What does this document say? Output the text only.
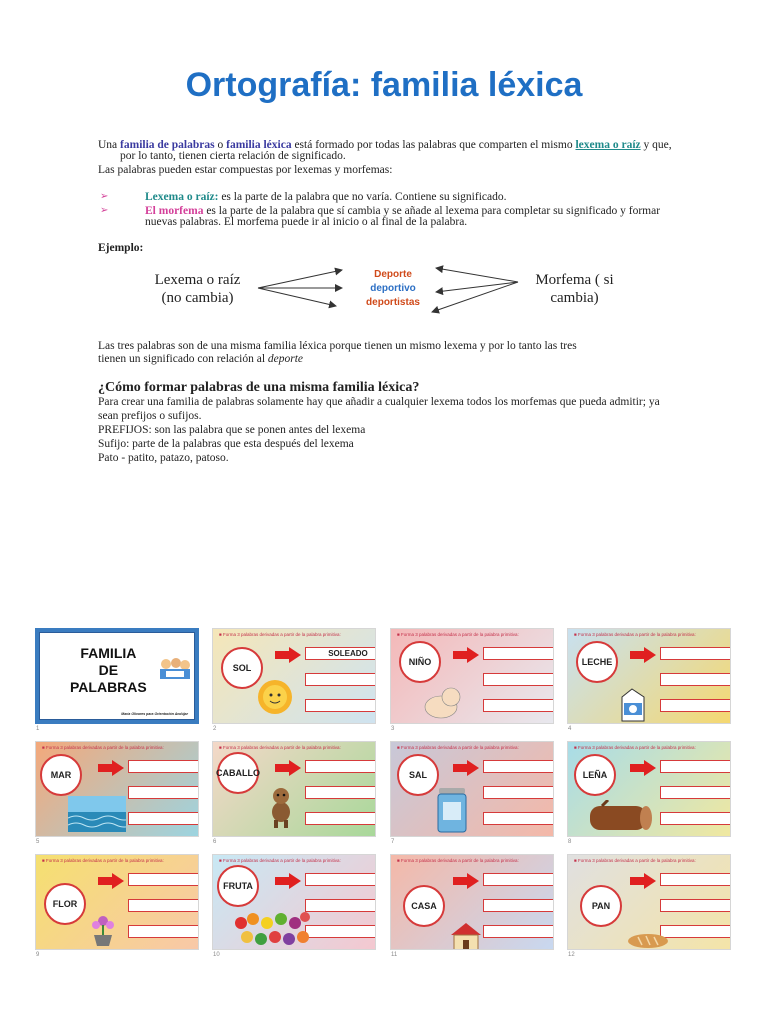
Ortografía: familia léxica
Una familia de palabras o familia léxica está formado por todas las palabras que comparten el mismo lexema o raíz y que,
por lo tanto, tienen cierta relación de significado.
Las palabras pueden estar compuestas por lexemas y morfemas:
➢	Lexema o raíz: es la parte de la palabra que no varía. Contiene su significado.
➢	El morfema es la parte de la palabra que sí cambia y se añade al lexema para completar su significado y formar
nuevas palabras. El morfema puede ir al inicio o al final de la palabra.
Ejemplo:
Lexema o raíz
(no cambia)
Morfema ( si
cambia)
Deporte
deportivo
deportistas
Las tres palabras son de una misma familia léxica porque tienen un mismo lexema y por lo tanto las tres
tienen un significado con relación al deporte
¿Cómo formar palabras de una misma familia léxica?
Para crear una familia de palabras solamente hay que añadir a cualquier lexema todos los morfemas que pueda admitir; ya
sean prefijos o sufijos.
PREFIJOS: son las palabra que se ponen antes del lexema
Sufijo: parte de la palabras que esta después del lexema
Pato - patito, patazo, patoso.
FAMILIA
DE
PALABRAS
María Olivares para Orientación Andújar
1
■ Forma 3 palabras derivadas a partir de la palabra primitiva:
SOL
SOLEADO
2
■ Forma 3 palabras derivadas a partir de la palabra primitiva:
NIÑO
3
■ Forma 3 palabras derivadas a partir de la palabra primitiva:
LECHE
4
■ Forma 3 palabras derivadas a partir de la palabra primitiva:
MAR
5
■ Forma 3 palabras derivadas a partir de la palabra primitiva:
CABALLO
6
■ Forma 3 palabras derivadas a partir de la palabra primitiva:
SAL
7
■ Forma 3 palabras derivadas a partir de la palabra primitiva:
LEÑA
8
■ Forma 3 palabras derivadas a partir de la palabra primitiva:
FLOR
9
■ Forma 3 palabras derivadas a partir de la palabra primitiva:
FRUTA
10
■ Forma 3 palabras derivadas a partir de la palabra primitiva:
CASA
11
■ Forma 3 palabras derivadas a partir de la palabra primitiva:
PAN
12
